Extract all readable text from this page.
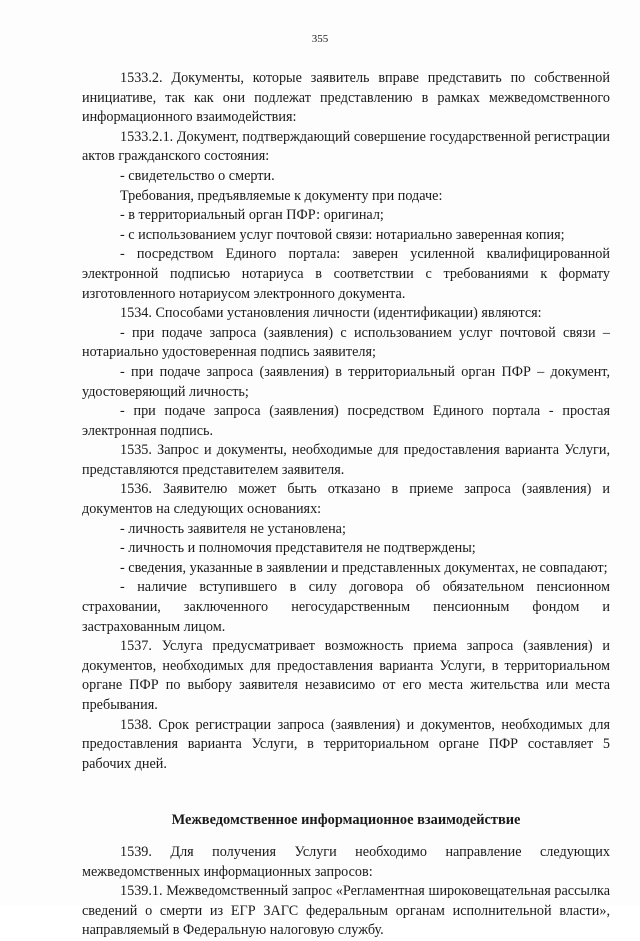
355

1533.2. Документы, которые заявитель вправе представить по собственной инициативе, так как они подлежат представлению в рамках межведомственного информационного взаимодействия:

1533.2.1. Документ, подтверждающий совершение государственной регистрации актов гражданского состояния:

- свидетельство о смерти.

Требования, предъявляемые к документу при подаче:

- в территориальный орган ПФР: оригинал;

- с использованием услуг почтовой связи: нотариально заверенная копия;

- посредством Единого портала: заверен усиленной квалифицированной электронной подписью нотариуса в соответствии с требованиями к формату изготовленного нотариусом электронного документа.

1534. Способами установления личности (идентификации) являются:

- при подаче запроса (заявления) с использованием услуг почтовой связи – нотариально удостоверенная подпись заявителя;

- при подаче запроса (заявления) в территориальный орган ПФР – документ, удостоверяющий личность;

- при подаче запроса (заявления) посредством Единого портала - простая электронная подпись.

1535. Запрос и документы, необходимые для предоставления варианта Услуги, представляются представителем заявителя.

1536. Заявителю может быть отказано в приеме запроса (заявления) и документов на следующих основаниях:

- личность заявителя не установлена;

- личность и полномочия представителя не подтверждены;

- сведения, указанные в заявлении и представленных документах, не совпадают;

- наличие вступившего в силу договора об обязательном пенсионном страховании, заключенного негосударственным пенсионным фондом и застрахованным лицом.

1537. Услуга предусматривает возможность приема запроса (заявления) и документов, необходимых для предоставления варианта Услуги, в территориальном органе ПФР по выбору заявителя независимо от его места жительства или места пребывания.

1538. Срок регистрации запроса (заявления) и документов, необходимых для предоставления варианта Услуги, в территориальном органе ПФР составляет 5 рабочих дней.

Межведомственное информационное взаимодействие

1539. Для получения Услуги необходимо направление следующих межведомственных информационных запросов:

1539.1. Межведомственный запрос «Регламентная широковещательная рассылка сведений о смерти из ЕГР ЗАГС федеральным органам исполнительной власти», направляемый в Федеральную налоговую службу.
